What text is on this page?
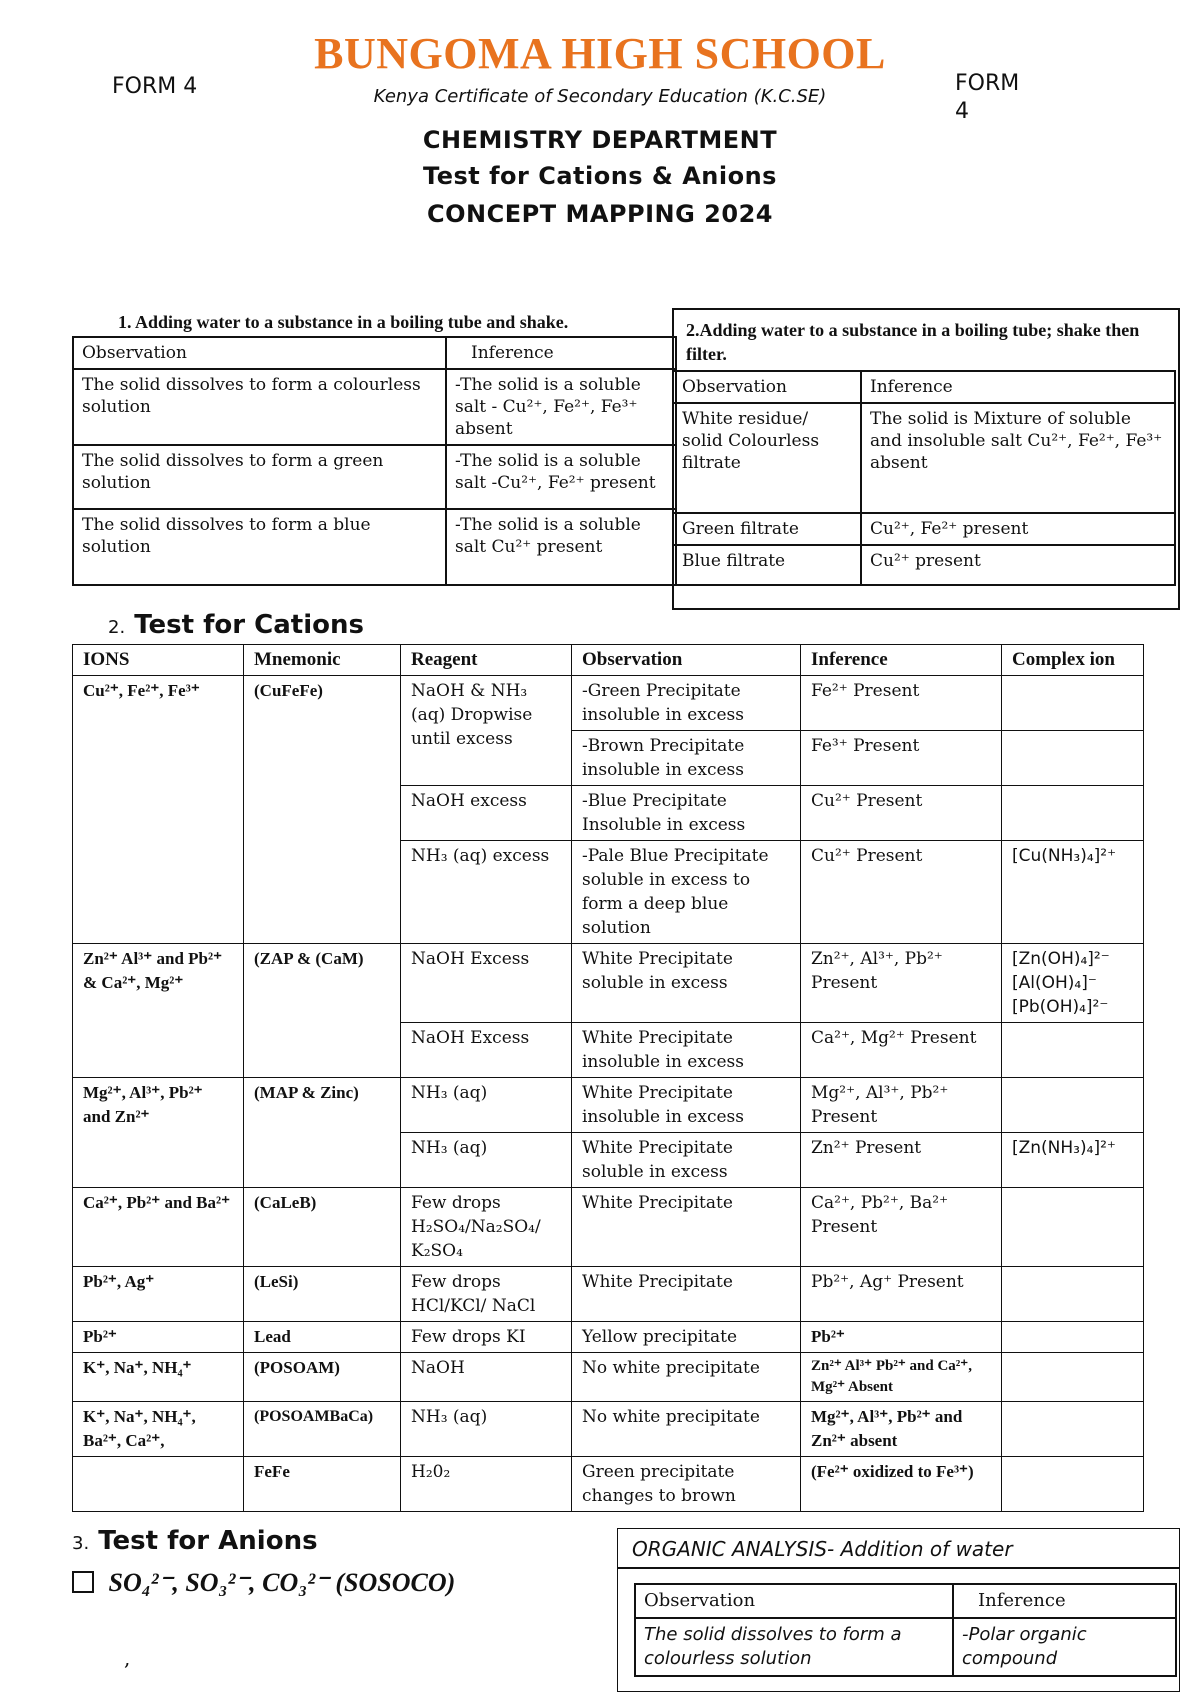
BUNGOMA HIGH SCHOOL
FORM 4	Kenya Certificate of Secondary Education (K.C.SE)
FORM 4
CHEMISTRY DEPARTMENT
Test for Cations & Anions
CONCEPT MAPPING 2024
1. Adding water to a substance in a boiling tube and shake.
Observation	Inference
The solid dissolves to form a colourless solution	-The solid is a soluble salt - Cu²⁺, Fe²⁺, Fe³⁺ absent
The solid dissolves to form a green solution	-The solid is a soluble salt -Cu²⁺, Fe²⁺ present
The solid dissolves to form a blue solution	-The solid is a soluble salt Cu²⁺ present
2.Adding water to a substance in a boiling tube; shake then filter.
Observation	Inference
White residue/ solid Colourless filtrate	The solid is Mixture of soluble and insoluble salt Cu²⁺, Fe²⁺, Fe³⁺ absent
Green filtrate	Cu²⁺, Fe²⁺ present
Blue filtrate	Cu²⁺ present
2. Test for Cations
IONS	Mnemonic	Reagent	Observation	Inference	Complex ion
Cu²⁺, Fe²⁺, Fe³⁺	(CuFeFe)	NaOH & NH₃ (aq) Dropwise until excess	-Green Precipitate insoluble in excess	Fe²⁺ Present	
			-Brown Precipitate insoluble in excess	Fe³⁺ Present	
		NaOH excess	-Blue Precipitate Insoluble in excess	Cu²⁺ Present	
		NH₃ (aq) excess	-Pale Blue Precipitate soluble in excess to form a deep blue solution	Cu²⁺ Present	[Cu(NH₃)₄]²⁺
Zn²⁺ Al³⁺ and Pb²⁺ & Ca²⁺, Mg²⁺	(ZAP & (CaM)	NaOH Excess	White Precipitate soluble in excess	Zn²⁺, Al³⁺, Pb²⁺ Present	[Zn(OH)₄]²⁻ [Al(OH)₄]⁻ [Pb(OH)₄]²⁻
		NaOH Excess	White Precipitate insoluble in excess	Ca²⁺, Mg²⁺ Present	
Mg²⁺, Al³⁺, Pb²⁺ and Zn²⁺	(MAP & Zinc)	NH₃ (aq)	White Precipitate insoluble in excess	Mg²⁺, Al³⁺, Pb²⁺ Present	
		NH₃ (aq)	White Precipitate soluble in excess	Zn²⁺ Present	[Zn(NH₃)₄]²⁺
Ca²⁺, Pb²⁺ and Ba²⁺	(CaLeB)	Few drops H₂SO₄/Na₂SO₄/ K₂SO₄	White Precipitate	Ca²⁺, Pb²⁺, Ba²⁺ Present	
Pb²⁺, Ag⁺	(LeSi)	Few drops HCl/KCl/ NaCl	White Precipitate	Pb²⁺, Ag⁺ Present	
Pb²⁺	Lead	Few drops KI	Yellow precipitate	Pb²⁺	
K⁺, Na⁺, NH₄⁺	(POSOAM)	NaOH	No white precipitate	Zn²⁺ Al³⁺ Pb²⁺ and Ca²⁺, Mg²⁺ Absent	
K⁺, Na⁺, NH₄⁺, Ba²⁺, Ca²⁺,	(POSOAMBaCa)	NH₃ (aq)	No white precipitate	Mg²⁺, Al³⁺, Pb²⁺ and Zn²⁺ absent	
	FeFe	H₂0₂	Green precipitate changes to brown	(Fe²⁺ oxidized to Fe³⁺)	
3. Test for Anions
SO₄²⁻, SO₃²⁻, CO₃²⁻ (SOSOCO)
,
ORGANIC ANALYSIS- Addition of water
Observation	Inference
The solid dissolves to form a colourless solution	-Polar organic compound
